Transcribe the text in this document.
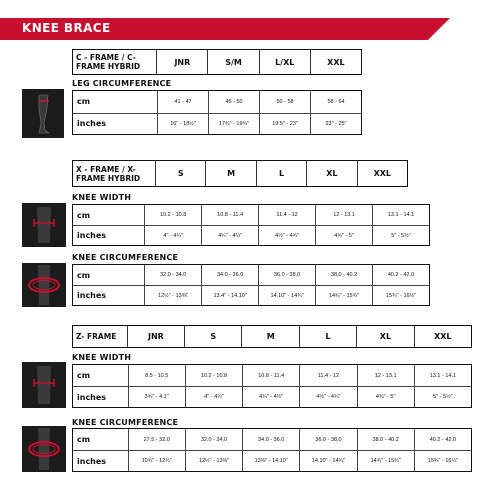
KNEE BRACE
C - FRAME / C-FRAME HYBRID	JNR	S/M	L/XL	XXL
LEG CIRCUMFERENCE
cm	41 - 47	45 - 50	50 - 58	58 - 64
inches	16" - 18½"	17¾" - 19¾"	19.5" - 23"	23" - 25"
X - FRAME / X-FRAME HYBRID	S	M	L	XL	XXL
KNEE WIDTH
cm	10.2 - 10.8	10.8 - 11.4	11.4 - 12	12 - 13.1	13.1 - 14.1
inches	4" - 4¼"	4¼" - 4½"	4½" - 4¾"	4¾" - 5"	5" - 5½"
KNEE CIRCUMFERENCE
cm	32.0 - 34.0	34.0 - 36.0	36.0 - 38.0	38.0 - 40.2	40.2 - 42.0
inches	12½" - 13⅜"	13.4" - 14.10"	14.10" - 14¾"	14¾" - 15¾"	15¾" - 16½"
Z- FRAME	JNR	S	M	L	XL	XXL
KNEE WIDTH
cm	8.5 - 10.5	10.2 - 10.8	10.8 - 11.4	11.4 - 12	12 - 13.1	13.1 - 14.1
inches	3¾" - 4.1"	4" - 4¼"	4¼" - 4½"	4½" - 4¾"	4¾" - 5"	5" - 5½"
KNEE CIRCUMFERENCE
cm	27.5 - 32.0	32.0 - 34.0	34.0 - 36.0	36.0 - 38.0	38.0 - 40.2	40.2 - 42.0
inches	10¾" - 12½"	12½" - 13⅜"	13⅜" - 14.10"	14.10" - 14¾"	14¾" - 15¾"	15¾" - 16½"
